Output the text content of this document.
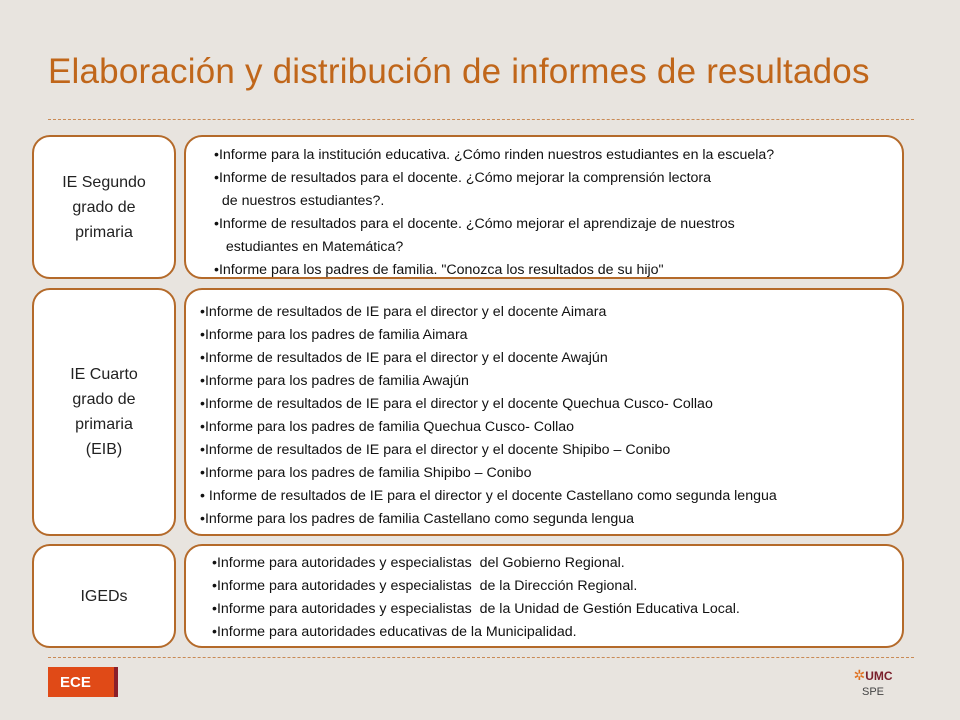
Elaboración y distribución de informes de resultados
IE Segundo
grado de
primaria
•Informe para la institución educativa. ¿Cómo rinden nuestros estudiantes en la escuela?
•Informe de resultados para el docente. ¿Cómo mejorar la comprensión lectora
de nuestros estudiantes?.
•Informe de resultados para el docente. ¿Cómo mejorar el aprendizaje de nuestros
estudiantes en Matemática?
•Informe para los padres de familia. "Conozca los resultados de su hijo"
IE Cuarto
grado de
primaria
(EIB)
•Informe de resultados de IE para el director y el docente Aimara
•Informe para los padres de familia Aimara
•Informe de resultados de IE para el director y el docente Awajún
•Informe para los padres de familia Awajún
•Informe de resultados de IE para el director y el docente Quechua Cusco- Collao
•Informe para los padres de familia Quechua Cusco- Collao
•Informe de resultados de IE para el director y el docente Shipibo – Conibo
•Informe para los padres de familia Shipibo – Conibo
• Informe de resultados de IE para el director y el docente Castellano como segunda lengua
•Informe para los padres de familia Castellano como segunda lengua
IGEDs
•Informe para autoridades y especialistas  del Gobierno Regional.
•Informe para autoridades y especialistas  de la Dirección Regional.
•Informe para autoridades y especialistas  de la Unidad de Gestión Educativa Local.
•Informe para autoridades educativas de la Municipalidad.
ECE	✲UMC
SPE
